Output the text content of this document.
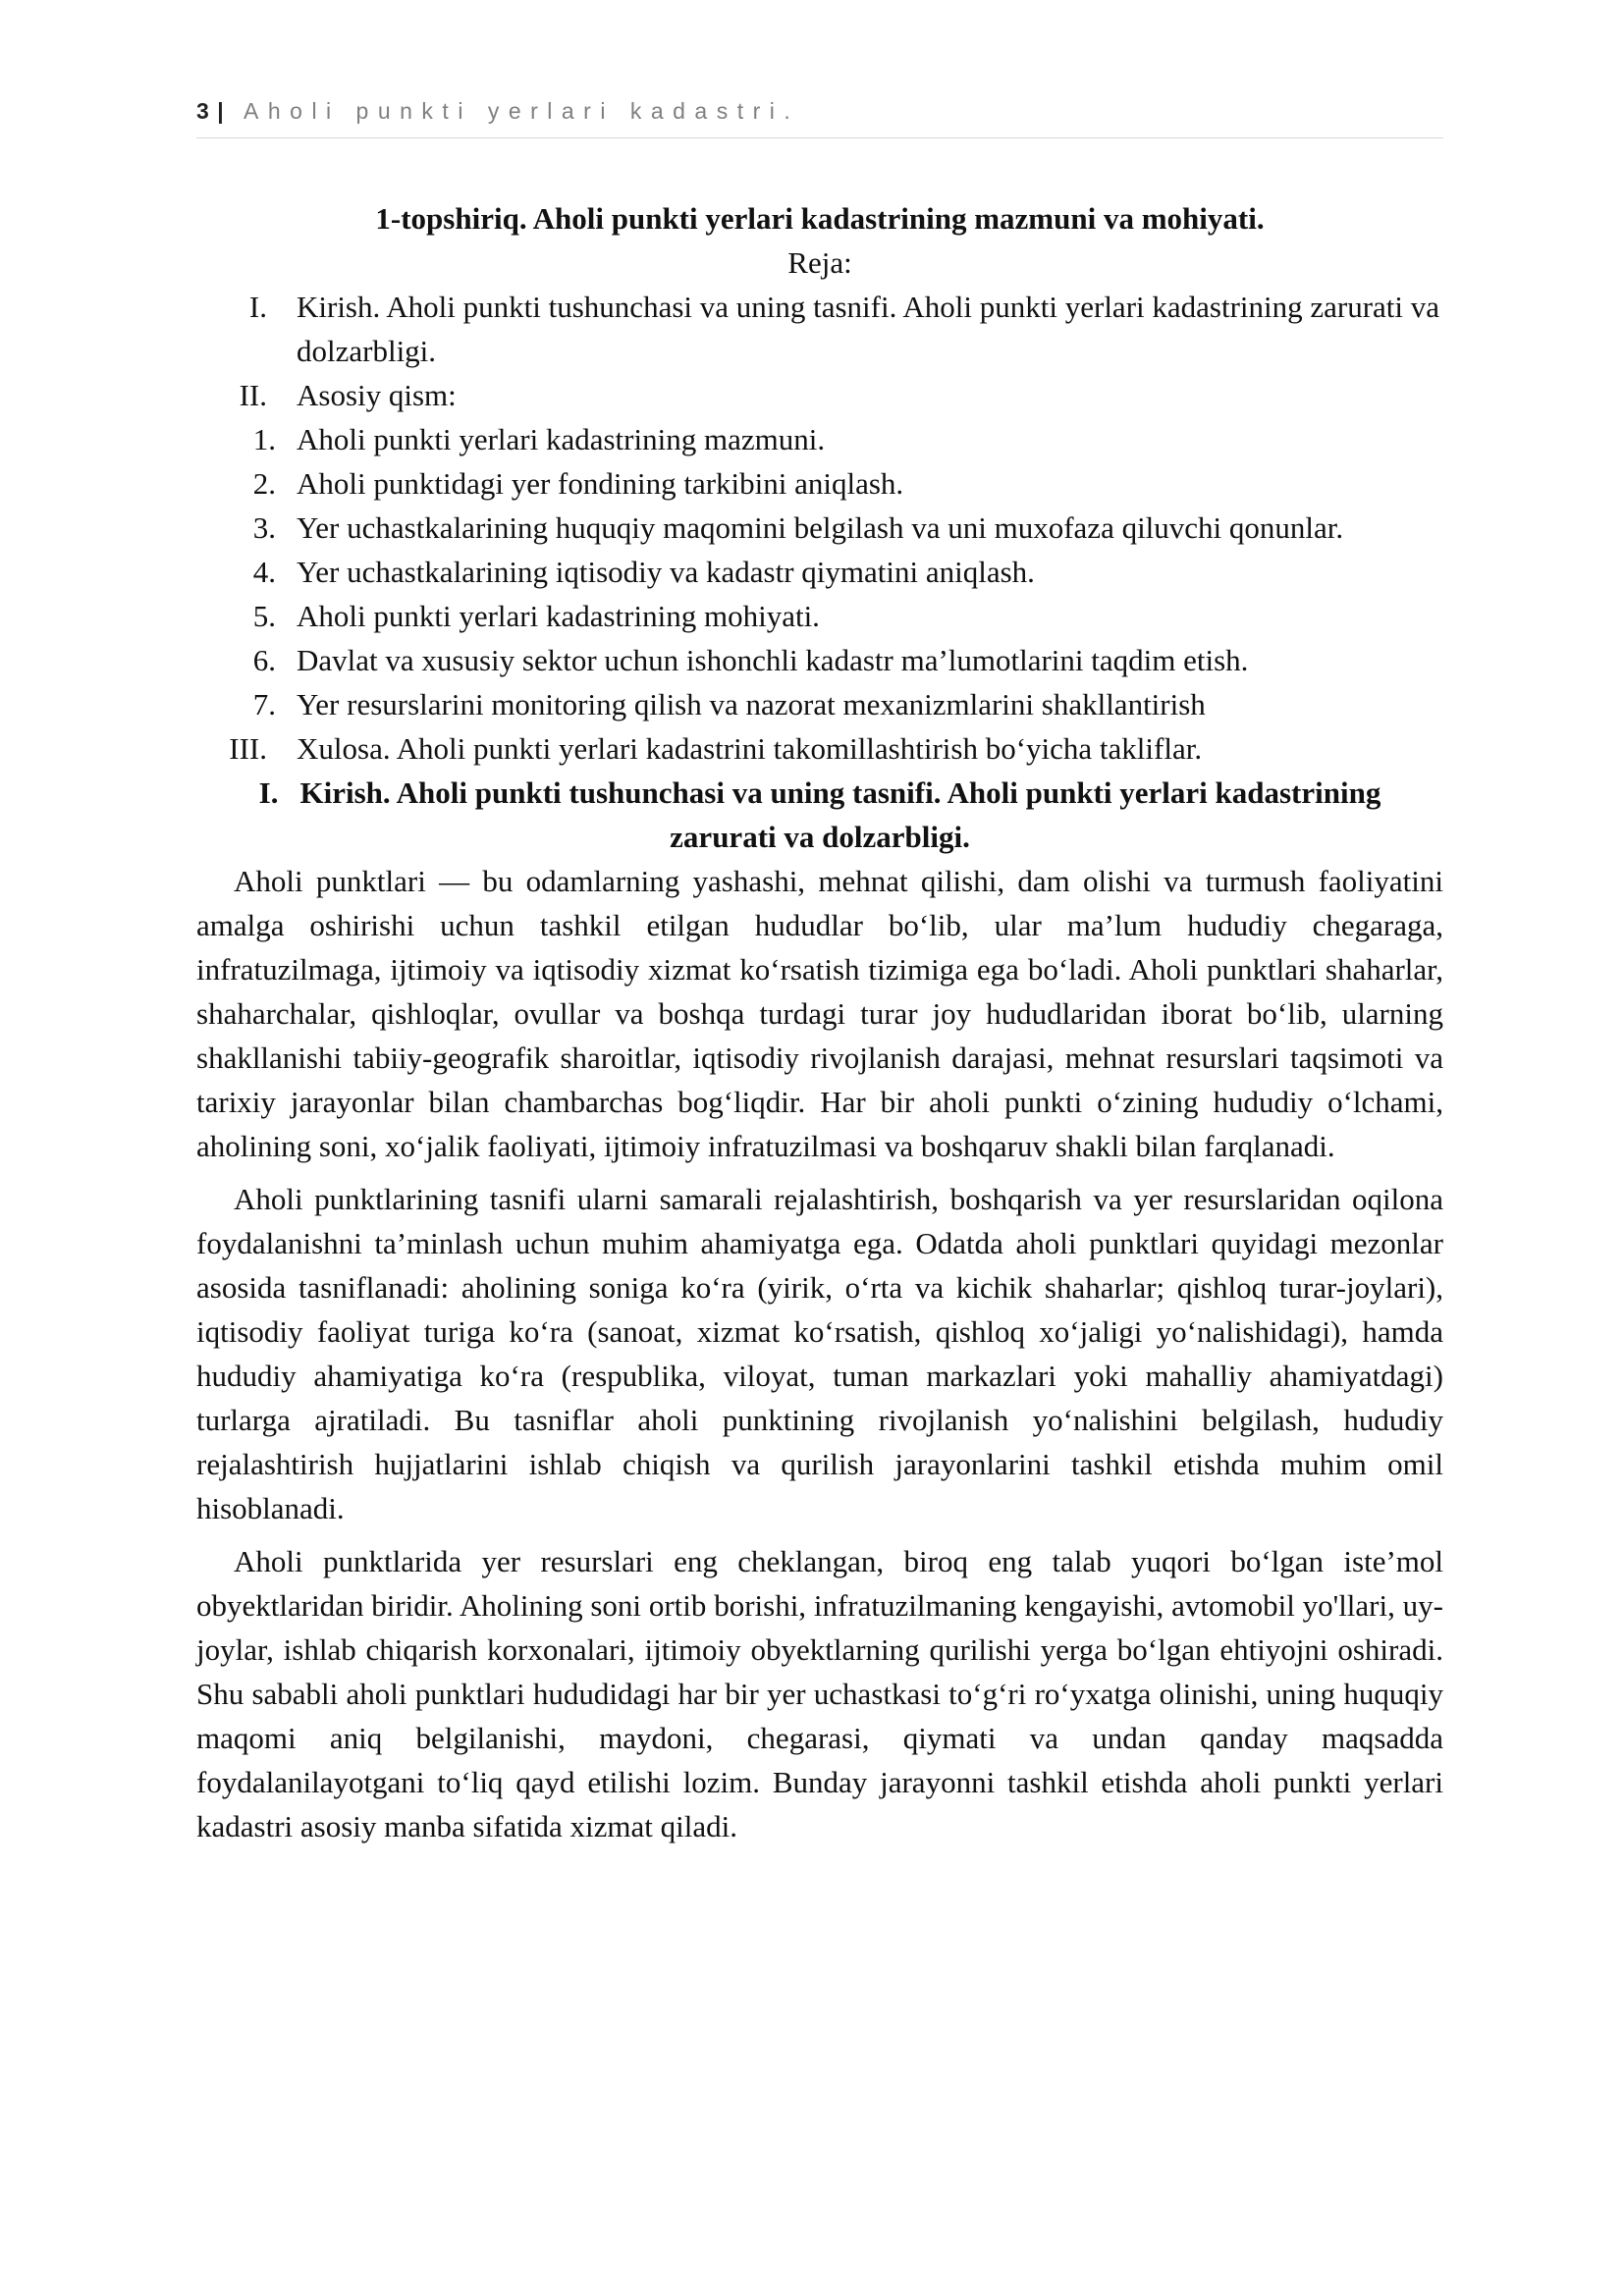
3 | Aholi punkti yerlari kadastri.

1-topshiriq. Aholi punkti yerlari kadastrining mazmuni va mohiyati.

Reja:

I. Kirish. Aholi punkti tushunchasi va uning tasnifi. Aholi punkti yerlari kadastrining zarurati va dolzarbligi.

II. Asosiy qism:

1. Aholi punkti yerlari kadastrining mazmuni.

2. Aholi punktidagi yer fondining tarkibini aniqlash.

3. Yer uchastkalarining huquqiy maqomini belgilash va uni muxofaza qiluvchi qonunlar.

4. Yer uchastkalarining iqtisodiy va kadastr qiymatini aniqlash.

5. Aholi punkti yerlari kadastrining mohiyati.

6. Davlat va xususiy sektor uchun ishonchli kadastr ma’lumotlarini taqdim etish.

7. Yer resurslarini monitoring qilish va nazorat mexanizmlarini shakllantirish

III. Xulosa. Aholi punkti yerlari kadastrini takomillashtirish bo‘yicha takliflar.

I. Kirish. Aholi punkti tushunchasi va uning tasnifi. Aholi punkti yerlari kadastrining zarurati va dolzarbligi.

Aholi punktlari — bu odamlarning yashashi, mehnat qilishi, dam olishi va turmush faoliyatini amalga oshirishi uchun tashkil etilgan hududlar bo‘lib, ular ma’lum hududiy chegaraga, infratuzilmaga, ijtimoiy va iqtisodiy xizmat ko‘rsatish tizimiga ega bo‘ladi. Aholi punktlari shaharlar, shaharchalar, qishloqlar, ovullar va boshqa turdagi turar joy hududlaridan iborat bo‘lib, ularning shakllanishi tabiiy-geografik sharoitlar, iqtisodiy rivojlanish darajasi, mehnat resurslari taqsimoti va tarixiy jarayonlar bilan chambarchas bog‘liqdir. Har bir aholi punkti o‘zining hududiy o‘lchami, aholining soni, xo‘jalik faoliyati, ijtimoiy infratuzilmasi va boshqaruv shakli bilan farqlanadi.

Aholi punktlarining tasnifi ularni samarali rejalashtirish, boshqarish va yer resurslaridan oqilona foydalanishni ta’minlash uchun muhim ahamiyatga ega. Odatda aholi punktlari quyidagi mezonlar asosida tasniflanadi: aholining soniga ko‘ra (yirik, o‘rta va kichik shaharlar; qishloq turar-joylari), iqtisodiy faoliyat turiga ko‘ra (sanoat, xizmat ko‘rsatish, qishloq xo‘jaligi yo‘nalishidagi), hamda hududiy ahamiyatiga ko‘ra (respublika, viloyat, tuman markazlari yoki mahalliy ahamiyatdagi) turlarga ajratiladi. Bu tasniflar aholi punktining rivojlanish yo‘nalishini belgilash, hududiy rejalashtirish hujjatlarini ishlab chiqish va qurilish jarayonlarini tashkil etishda muhim omil hisoblanadi.

Aholi punktlarida yer resurslari eng cheklangan, biroq eng talab yuqori bo‘lgan iste’mol obyektlaridan biridir. Aholining soni ortib borishi, infratuzilmaning kengayishi, avtomobil yo'llari, uy-joylar, ishlab chiqarish korxonalari, ijtimoiy obyektlarning qurilishi yerga bo‘lgan ehtiyojni oshiradi. Shu sababli aholi punktlari hududidagi har bir yer uchastkasi to‘g‘ri ro‘yxatga olinishi, uning huquqiy maqomi aniq belgilanishi, maydoni, chegarasi, qiymati va undan qanday maqsadda foydalanilayotgani to‘liq qayd etilishi lozim. Bunday jarayonni tashkil etishda aholi punkti yerlari kadastri asosiy manba sifatida xizmat qiladi.
